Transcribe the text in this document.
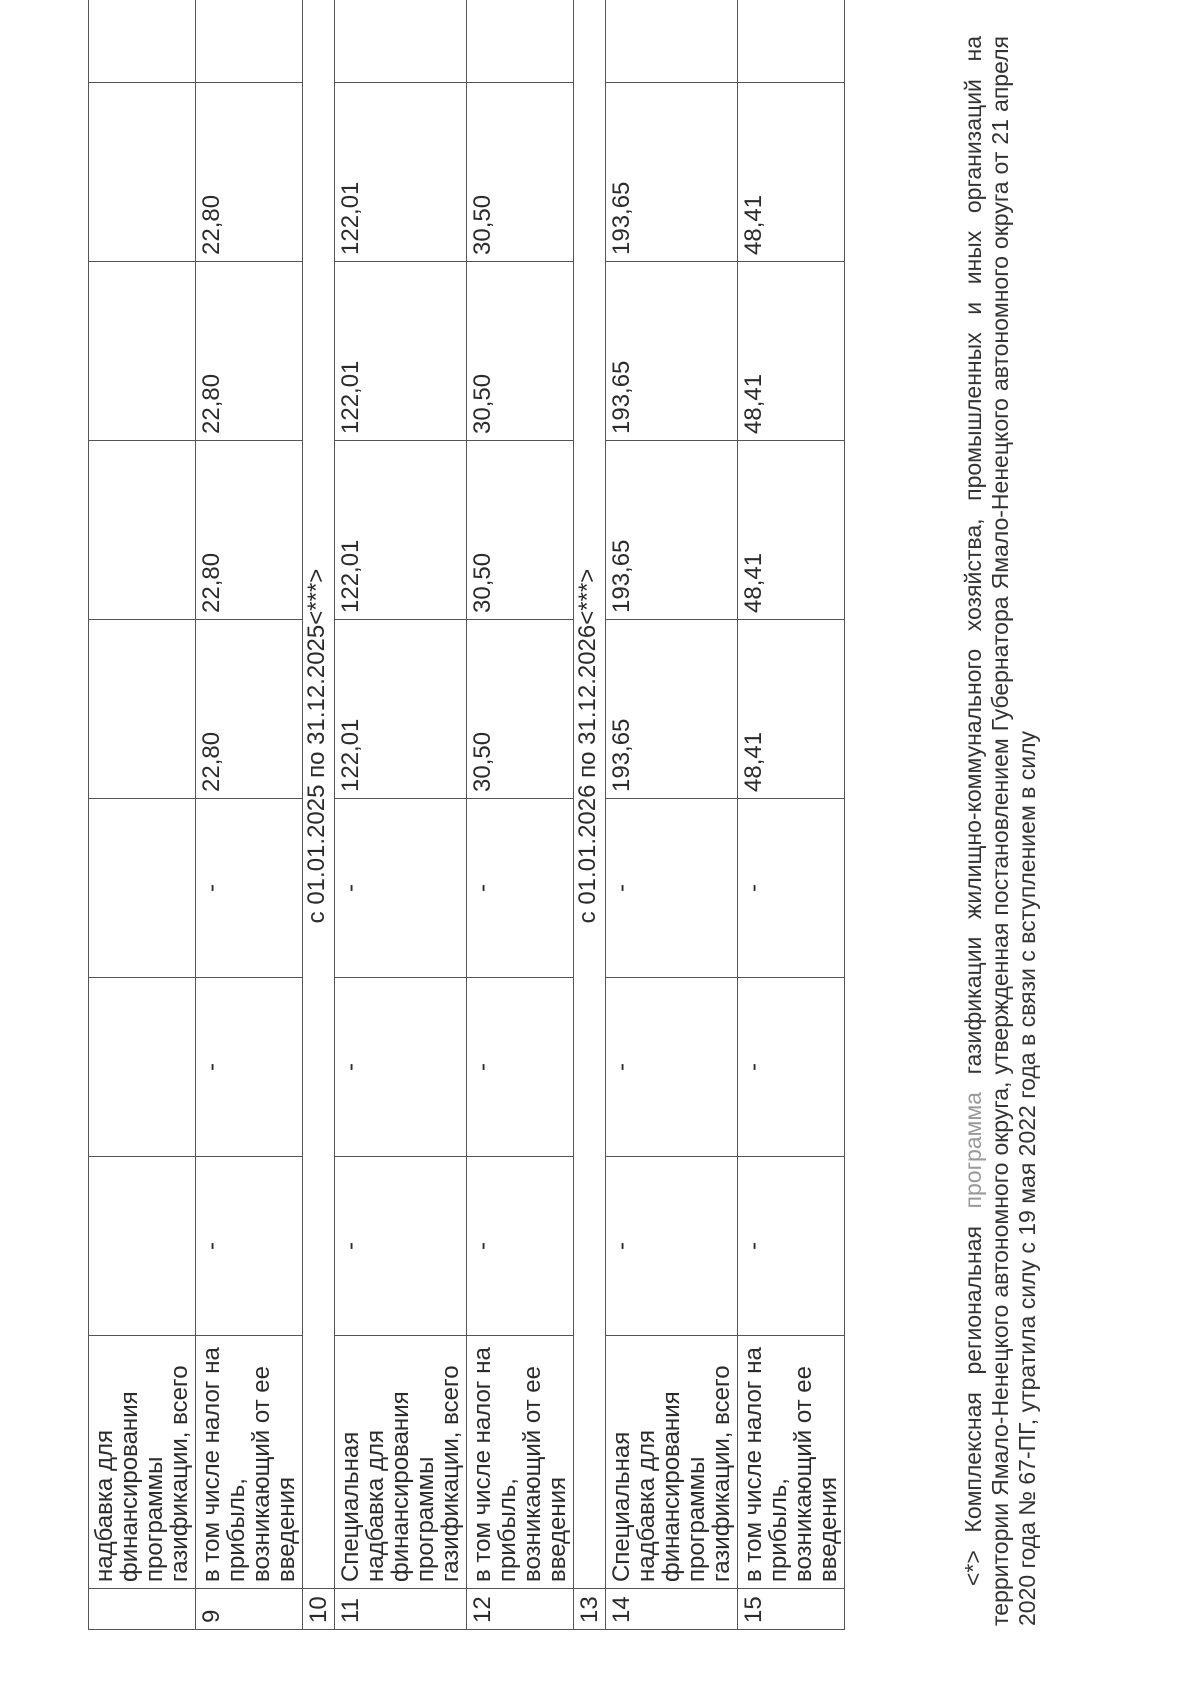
	надбавка для финансирования программы газификации, всего								
9	в том числе налог на прибыль, возникающий от ее введения	-	-	-	22,80	22,80	22,80	22,80	
10	с 01.01.2025 по 31.12.2025<***>								
11	Специальная надбавка для финансирования программы газификации, всего	-	-	-	122,01	122,01	122,01	122,01	
12	в том числе налог на прибыль, возникающий от ее введения	-	-	-	30,50	30,50	30,50	30,50	
13	с 01.01.2026 по 31.12.2026<***>								
14	Специальная надбавка для финансирования программы газификации, всего	-	-	-	193,65	193,65	193,65	193,65	
15	в том числе налог на прибыль, возникающий от ее введения	-	-	-	48,41	48,41	48,41	48,41	
<*> Комплексная региональная программа газификации жилищно-коммунального хозяйства, промышленных и иных организаций на территории Ямало-Ненецкого автономного округа, утвержденная постановлением Губернатора Ямало-Ненецкого автономного округа от 21 апреля 2020 года № 67-ПГ, утратила силу с 19 мая 2022 года в связи с вступлением в силу
